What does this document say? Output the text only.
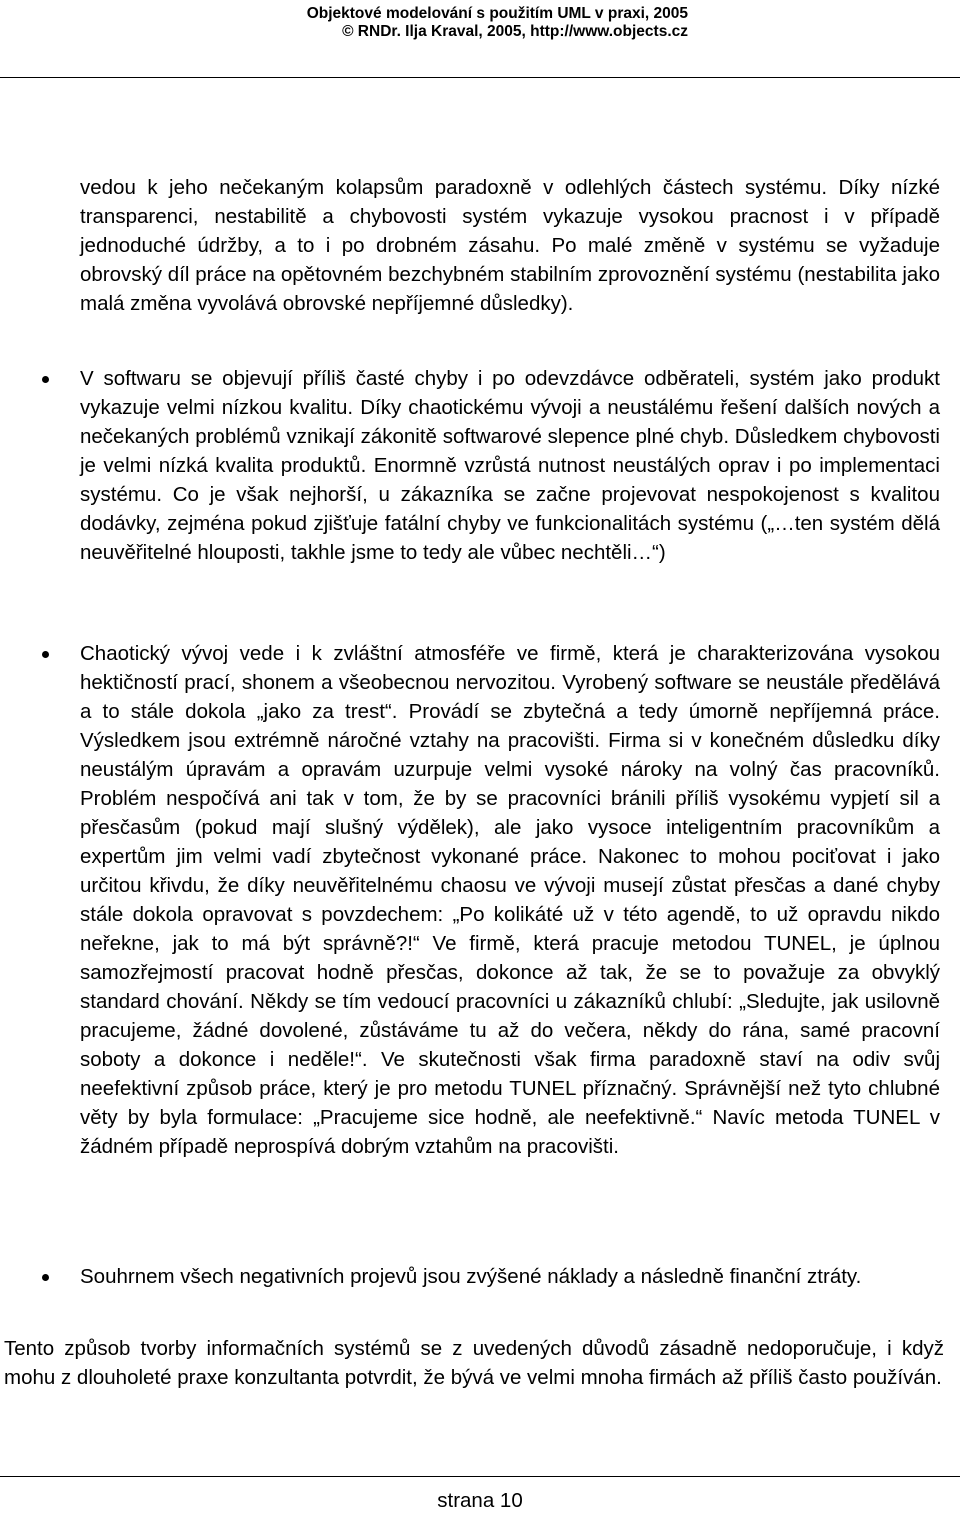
Objektové modelování s použitím UML v praxi, 2005
© RNDr. Ilja Kraval, 2005, http://www.objects.cz
vedou k jeho nečekaným kolapsům paradoxně v odlehlých částech systému. Díky nízké transparenci, nestabilitě a chybovosti systém vykazuje vysokou pracnost i v případě jednoduché údržby, a to i po drobném zásahu. Po malé změně v systému se vyžaduje obrovský díl práce na opětovném bezchybném stabilním zprovoznění systému (nestabilita jako malá změna vyvolává obrovské nepříjemné důsledky).
V softwaru se objevují příliš časté chyby i po odevzdávce odběrateli, systém jako produkt vykazuje velmi nízkou kvalitu. Díky chaotickému vývoji a neustálému řešení dalších nových a nečekaných problémů vznikají zákonitě softwarové slepence plné chyb. Důsledkem chybovosti je velmi nízká kvalita produktů. Enormně vzrůstá nutnost neustálých oprav i po implementaci systému. Co je však nejhorší, u zákazníka se začne projevovat nespokojenost s kvalitou dodávky, zejména pokud zjišťuje fatální chyby ve funkcionalitách systému („…ten systém dělá neuvěřitelné hlouposti, takhle jsme to tedy ale vůbec nechtěli…“)
Chaotický vývoj vede i k zvláštní atmosféře ve firmě, která je charakterizována vysokou hektičností prací, shonem a všeobecnou nervozitou. Vyrobený software se neustále předělává a to stále dokola „jako za trest“. Provádí se zbytečná a tedy úmorně nepříjemná práce. Výsledkem jsou extrémně náročné vztahy na pracovišti. Firma si v konečném důsledku díky neustálým úpravám a opravám uzurpuje velmi vysoké nároky na volný čas pracovníků. Problém nespočívá ani tak v tom, že by se pracovníci bránili příliš vysokému vypjetí sil a přesčasům (pokud mají slušný výdělek), ale jako vysoce inteligentním pracovníkům a expertům jim velmi vadí zbytečnost vykonané práce. Nakonec to mohou pociťovat i jako určitou křivdu, že díky neuvěřitelnému chaosu ve vývoji musejí zůstat přesčas a dané chyby stále dokola opravovat s povzdechem: „Po kolikáté už v této agendě, to už opravdu nikdo neřekne, jak to má být správně?!“ Ve firmě, která pracuje metodou TUNEL, je úplnou samozřejmostí pracovat hodně přesčas, dokonce až tak, že se to považuje za obvyklý standard chování. Někdy se tím vedoucí pracovníci u zákazníků chlubí: „Sledujte, jak usilovně pracujeme, žádné dovolené, zůstáváme tu až do večera, někdy do rána, samé pracovní soboty a dokonce i neděle!“. Ve skutečnosti však firma paradoxně staví na odiv svůj neefektivní způsob práce, který je pro metodu TUNEL příznačný. Správnější než tyto chlubné věty by byla formulace: „Pracujeme sice hodně, ale neefektivně.“ Navíc metoda TUNEL v žádném případě neprospívá dobrým vztahům na pracovišti.
Souhrnem všech negativních projevů jsou zvýšené náklady a následně finanční ztráty.
Tento způsob tvorby informačních systémů se z uvedených důvodů zásadně nedoporučuje, i když mohu z dlouholeté praxe konzultanta potvrdit, že bývá ve velmi mnoha firmách až příliš často používán.
strana 10
